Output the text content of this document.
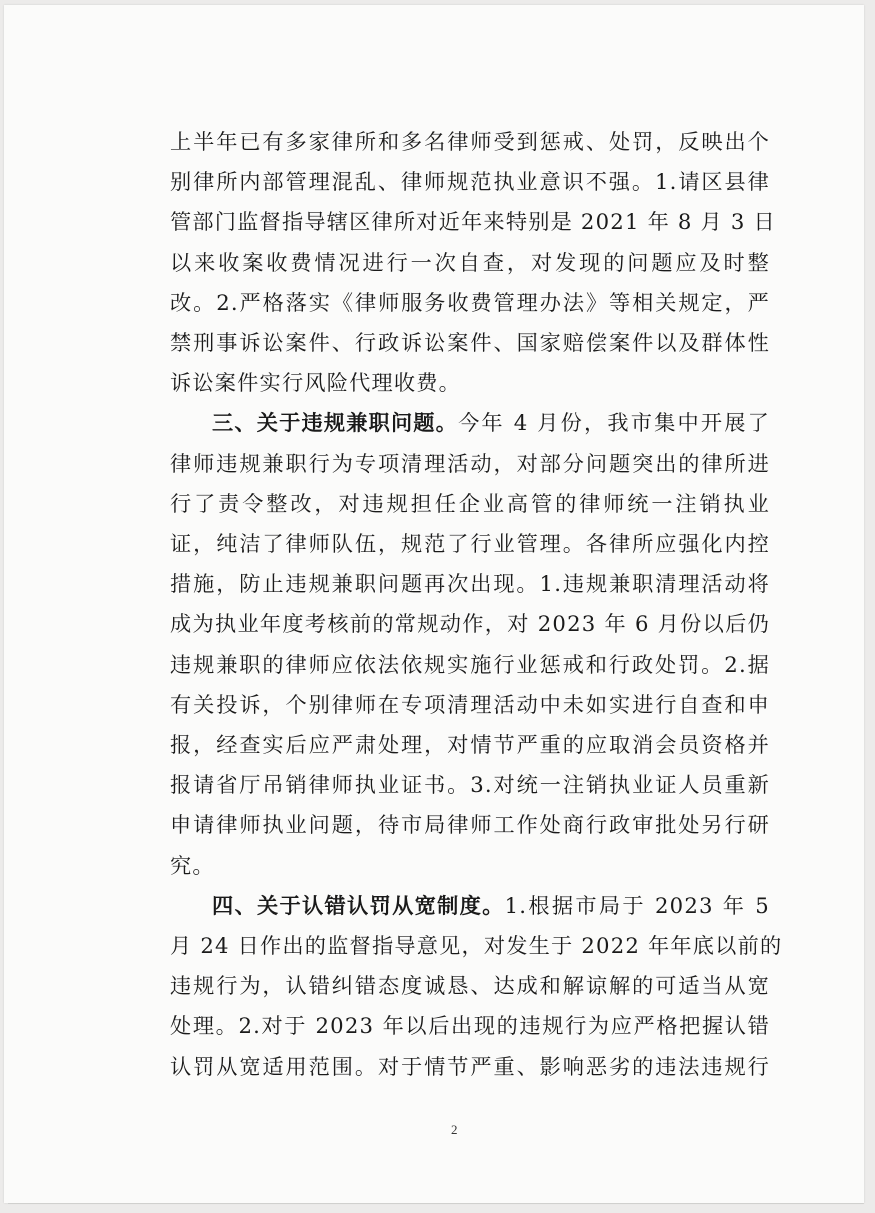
上半年已有多家律所和多名律师受到惩戒、处罚，反映出个
别律所内部管理混乱、律师规范执业意识不强。1.请区县律
管部门监督指导辖区律所对近年来特别是 2021 年 8 月 3 日
以来收案收费情况进行一次自查，对发现的问题应及时整
改。2.严格落实《律师服务收费管理办法》等相关规定，严
禁刑事诉讼案件、行政诉讼案件、国家赔偿案件以及群体性
诉讼案件实行风险代理收费。
三、关于违规兼职问题。今年 4 月份，我市集中开展了
律师违规兼职行为专项清理活动，对部分问题突出的律所进
行了责令整改，对违规担任企业高管的律师统一注销执业
证，纯洁了律师队伍，规范了行业管理。各律所应强化内控
措施，防止违规兼职问题再次出现。1.违规兼职清理活动将
成为执业年度考核前的常规动作，对 2023 年 6 月份以后仍
违规兼职的律师应依法依规实施行业惩戒和行政处罚。2.据
有关投诉，个别律师在专项清理活动中未如实进行自查和申
报，经查实后应严肃处理，对情节严重的应取消会员资格并
报请省厅吊销律师执业证书。3.对统一注销执业证人员重新
申请律师执业问题，待市局律师工作处商行政审批处另行研
究。
四、关于认错认罚从宽制度。1.根据市局于 2023 年 5
月 24 日作出的监督指导意见，对发生于 2022 年年底以前的
违规行为，认错纠错态度诚恳、达成和解谅解的可适当从宽
处理。2.对于 2023 年以后出现的违规行为应严格把握认错
认罚从宽适用范围。对于情节严重、影响恶劣的违法违规行
2
